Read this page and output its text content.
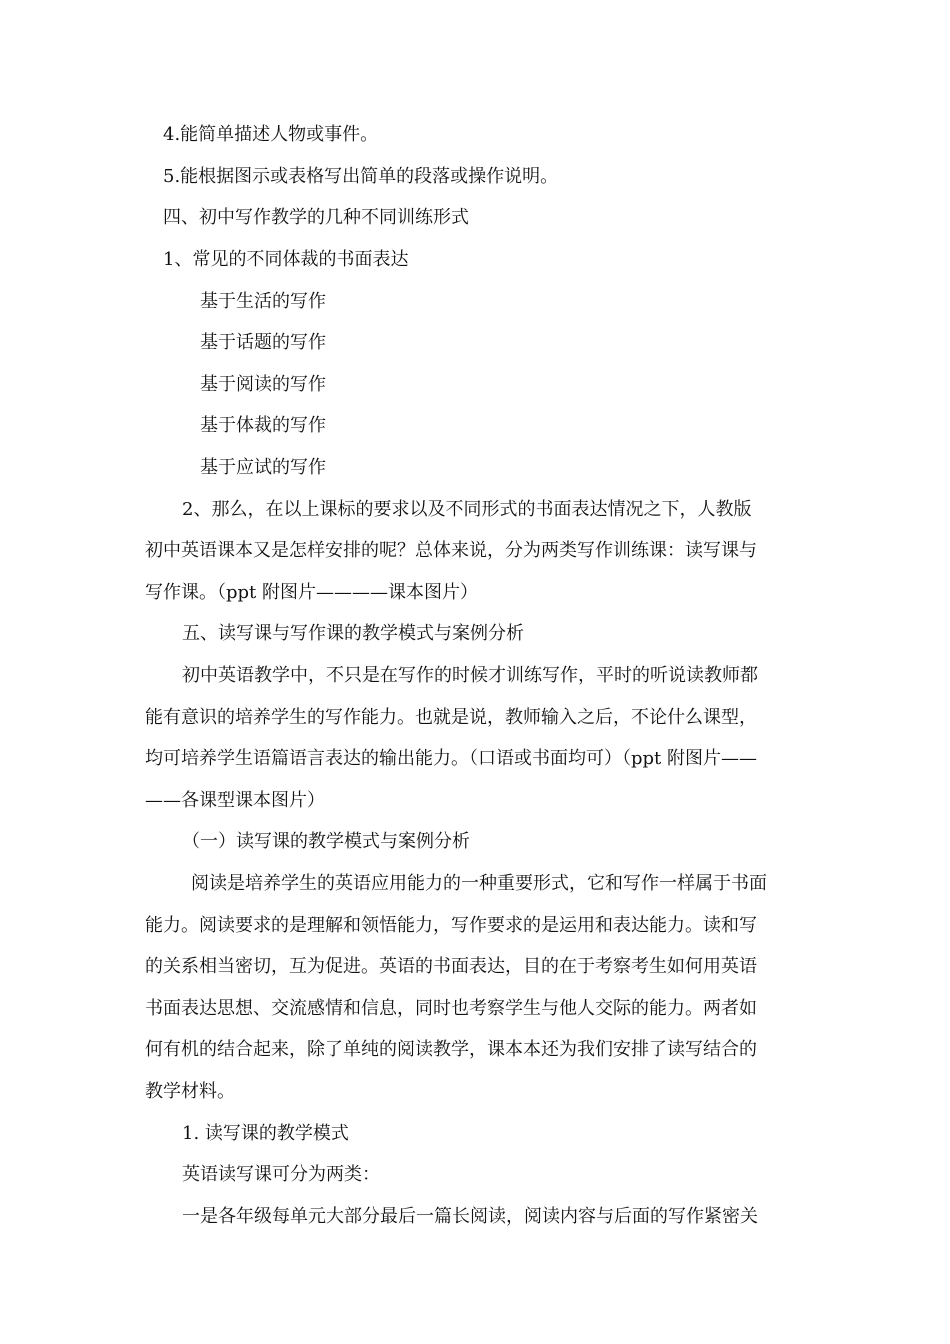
4.能简单描述人物或事件。
5.能根据图示或表格写出简单的段落或操作说明。
四、初中写作教学的几种不同训练形式
1、常见的不同体裁的书面表达
基于生活的写作
基于话题的写作
基于阅读的写作
基于体裁的写作
基于应试的写作
2、那么，在以上课标的要求以及不同形式的书面表达情况之下，人教版
初中英语课本又是怎样安排的呢？总体来说，分为两类写作训练课：读写课与
写作课。（ppt 附图片————课本图片）
五、读写课与写作课的教学模式与案例分析
初中英语教学中，不只是在写作的时候才训练写作，平时的听说读教师都
能有意识的培养学生的写作能力。也就是说，教师输入之后，不论什么课型，
均可培养学生语篇语言表达的输出能力。（口语或书面均可）（ppt 附图片——
——各课型课本图片）
（一）读写课的教学模式与案例分析
阅读是培养学生的英语应用能力的一种重要形式，它和写作一样属于书面
能力。阅读要求的是理解和领悟能力，写作要求的是运用和表达能力。读和写
的关系相当密切，互为促进。英语的书面表达，目的在于考察考生如何用英语
书面表达思想、交流感情和信息，同时也考察学生与他人交际的能力。两者如
何有机的结合起来，除了单纯的阅读教学，课本本还为我们安排了读写结合的
教学材料。
1. 读写课的教学模式
英语读写课可分为两类：
一是各年级每单元大部分最后一篇长阅读，阅读内容与后面的写作紧密关
